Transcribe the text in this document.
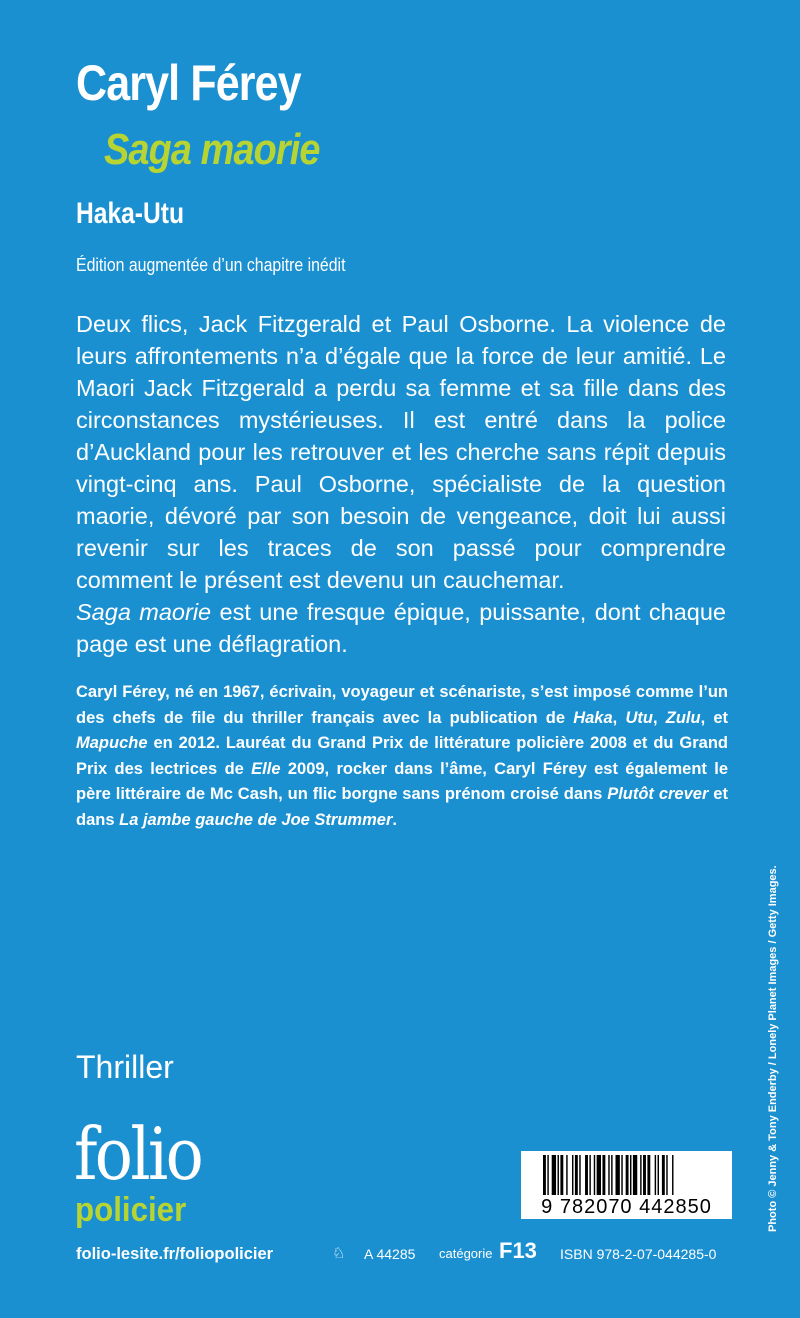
Caryl Férey
Saga maorie
Haka-Utu
Édition augmentée d’un chapitre inédit

Deux flics, Jack Fitzgerald et Paul Osborne. La violence de leurs affrontements n’a d’égale que la force de leur amitié. Le Maori Jack Fitzgerald a perdu sa femme et sa fille dans des circonstances mystérieuses. Il est entré dans la police d’Auckland pour les retrouver et les cherche sans répit depuis vingt-cinq ans. Paul Osborne, spécialiste de la question maorie, dévoré par son besoin de vengeance, doit lui aussi revenir sur les traces de son passé pour comprendre comment le présent est devenu un cauchemar.

Saga maorie est une fresque épique, puissante, dont chaque page est une déflagration.

Caryl Férey, né en 1967, écrivain, voyageur et scénariste, s’est imposé comme l’un des chefs de file du thriller français avec la publication de Haka, Utu, Zulu, et Mapuche en 2012. Lauréat du Grand Prix de littérature policière 2008 et du Grand Prix des lectrices de Elle 2009, rocker dans l’âme, Caryl Férey est également le père littéraire de Mc Cash, un flic borgne sans prénom croisé dans Plutôt crever et dans La jambe gauche de Joe Strummer.

Thriller
folio
policier	9 782070 442850
folio-lesite.fr/foliopolicier	♘ A 44285 catégorie F13 ISBN 978-2-07-044285-0
Photo © Jenny & Tony Enderby / Lonely Planet Images / Getty Images.
